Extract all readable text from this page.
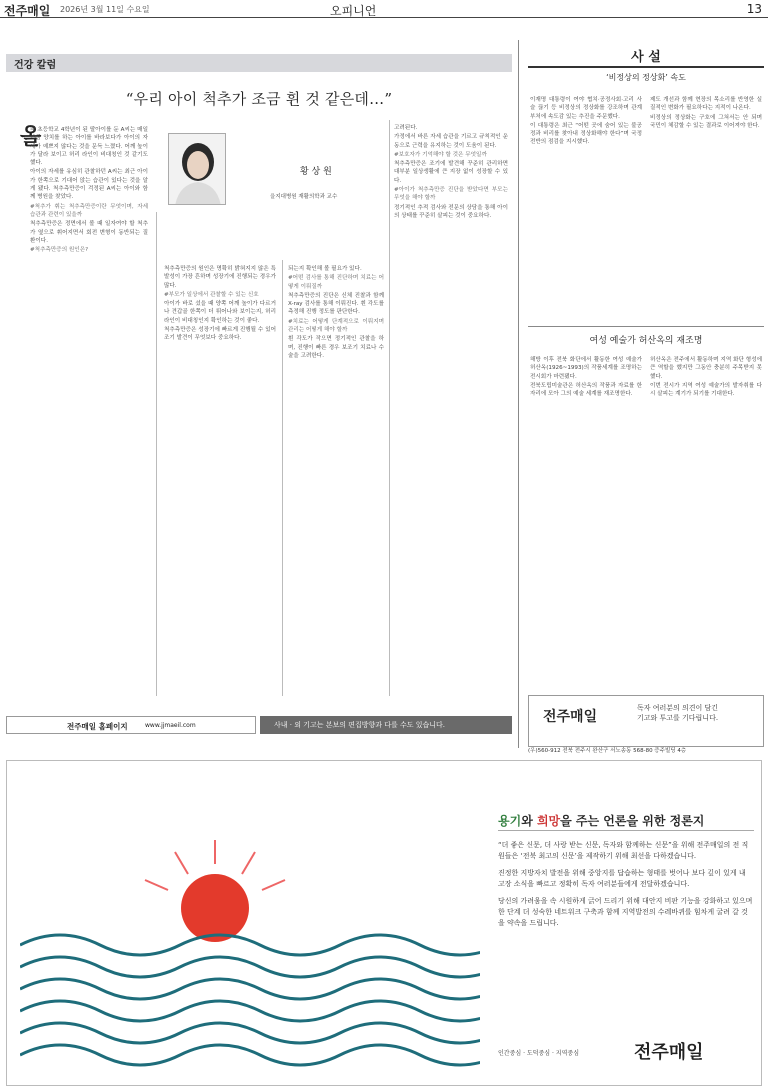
전주매일 2026년 3월 11일 수요일	오피니언	13
건강 칼럼
“우리 아이 척추가 조금 휜 것 같은데…”
올
황 상 원
을지대병원 재활의학과 교수

해 초등학교 4학년이 된 딸아이를 둔 A씨는 매일 아침 양치를 하는 아이를 바라보다가 아이의 자세가 예쁘지 않다는 것을 문득 느꼈다. 어깨 높이가 달라 보이고 허리 라인이 비대칭인 것 같기도 했다.

아이의 자세를 유심히 관찰하던 A씨는 최근 아이가 한쪽으로 기대어 앉는 습관이 있다는 것을 알게 됐다. 척추측만증이 걱정된 A씨는 아이와 함께 병원을 찾았다.

#척추가 휘는 척추측만증이란 무엇이며, 자세 습관과 관련이 있을까

척추측만증은 정면에서 볼 때 일자여야 할 척추가 옆으로 휘어지면서 회전 변형이 동반되는 질환이다.

#척추측만증의 원인은?

척추측만증의 원인은 명확히 밝혀지지 않은 특발성이 가장 흔하며 성장기에 진행되는 경우가 많다.

#부모가 일상에서 관찰할 수 있는 신호

아이가 바로 섰을 때 양쪽 어깨 높이가 다르거나 견갑골 한쪽이 더 튀어나와 보이는지, 허리 라인이 비대칭인지 확인하는 것이 좋다.

척추측만증은 성장기에 빠르게 진행될 수 있어 조기 발견이 무엇보다 중요하다.

되는지 확인해 볼 필요가 있다.

#어떤 검사를 통해 진단하며 치료는 어떻게 이뤄질까

척추측만증의 진단은 신체 진찰과 함께 X-ray 검사를 통해 이뤄진다. 휜 각도를 측정해 진행 정도를 판단한다.

#치료는 어떻게 단계적으로 이뤄지며 관리는 어떻게 해야 할까

휜 각도가 작으면 정기적인 관찰을 하며, 진행이 빠른 경우 보조기 치료나 수술을 고려한다.

고려된다.

가정에서 바른 자세 습관을 기르고 규칙적인 운동으로 근력을 유지하는 것이 도움이 된다.

#보호자가 기억해야 할 것은 무엇일까

척추측만증은 조기에 발견해 꾸준히 관리하면 대부분 일상생활에 큰 지장 없이 성장할 수 있다.

#아이가 척추측만증 진단을 받았다면 부모는 무엇을 해야 할까

정기적인 추적 검사와 전문의 상담을 통해 아이의 상태를 꾸준히 살피는 것이 중요하다.

사 설
‘비정상의 정상화’ 속도

이재명 대통령이 여야 협치·공정사회·고리 사슬 끊기 등 비정상의 정상화를 강조하며 관계 부처에 속도감 있는 추진을 주문했다.

이 대통령은 최근 “어떤 곳에 숨어 있는 불공정과 비리를 찾아내 정상화해야 한다”며 국정 전반의 점검을 지시했다.

제도 개선과 함께 현장의 목소리를 반영한 실질적인 변화가 필요하다는 지적이 나온다.

비정상의 정상화는 구호에 그쳐서는 안 되며 국민이 체감할 수 있는 결과로 이어져야 한다.

여성 예술가 허산옥의 재조명

해방 이후 전북 화단에서 활동한 여성 예술가 허산옥(1926~1993)의 작품세계를 조명하는 전시회가 마련됐다.

전북도립미술관은 허산옥의 작품과 자료를 한자리에 모아 그의 예술 세계를 재조명한다.

허산옥은 전주에서 활동하며 지역 화단 형성에 큰 역할을 했지만 그동안 충분히 주목받지 못했다.

이번 전시가 지역 여성 예술가의 발자취를 다시 살피는 계기가 되기를 기대한다.

전주매일
독자 여러분의 의견이 담긴
기고와 투고를 기다립니다.
(우)560-912 전북 전주시 완산구 서노송동 568-80 증주빌딩 4층
전주매일 홈페이지	www.jjmaeil.com	사내 · 외 기고는 본보의 편집방향과 다를 수도 있습니다.
용기와 희망을 주는 언론을 위한 정론지

“더 좋은 신문, 더 사랑 받는 신문, 독자와 함께하는 신문”을 위해 전주매일의 전 직원들은 ‘전북 최고의 신문’을 제작하기 위해 최선을 다하겠습니다.

진정한 지방자치 발전을 위해 중앙지를 답습하는 형태를 벗어나 보다 깊이 있게 내 고장 소식을 빠르고 정확히 독자 여러분들에게 전달하겠습니다.

당신의 가려움을 속 시원하게 긁어 드리기 위해 대안지 비판 기능을 강화하고 있으며 한 단계 더 성숙한 네트워크 구축과 함께 지역발전의 수레바퀴를 힘차게 굴려 갈 것을 약속을 드립니다.

인간중심 · 도덕중심 · 지역중심	전주매일
